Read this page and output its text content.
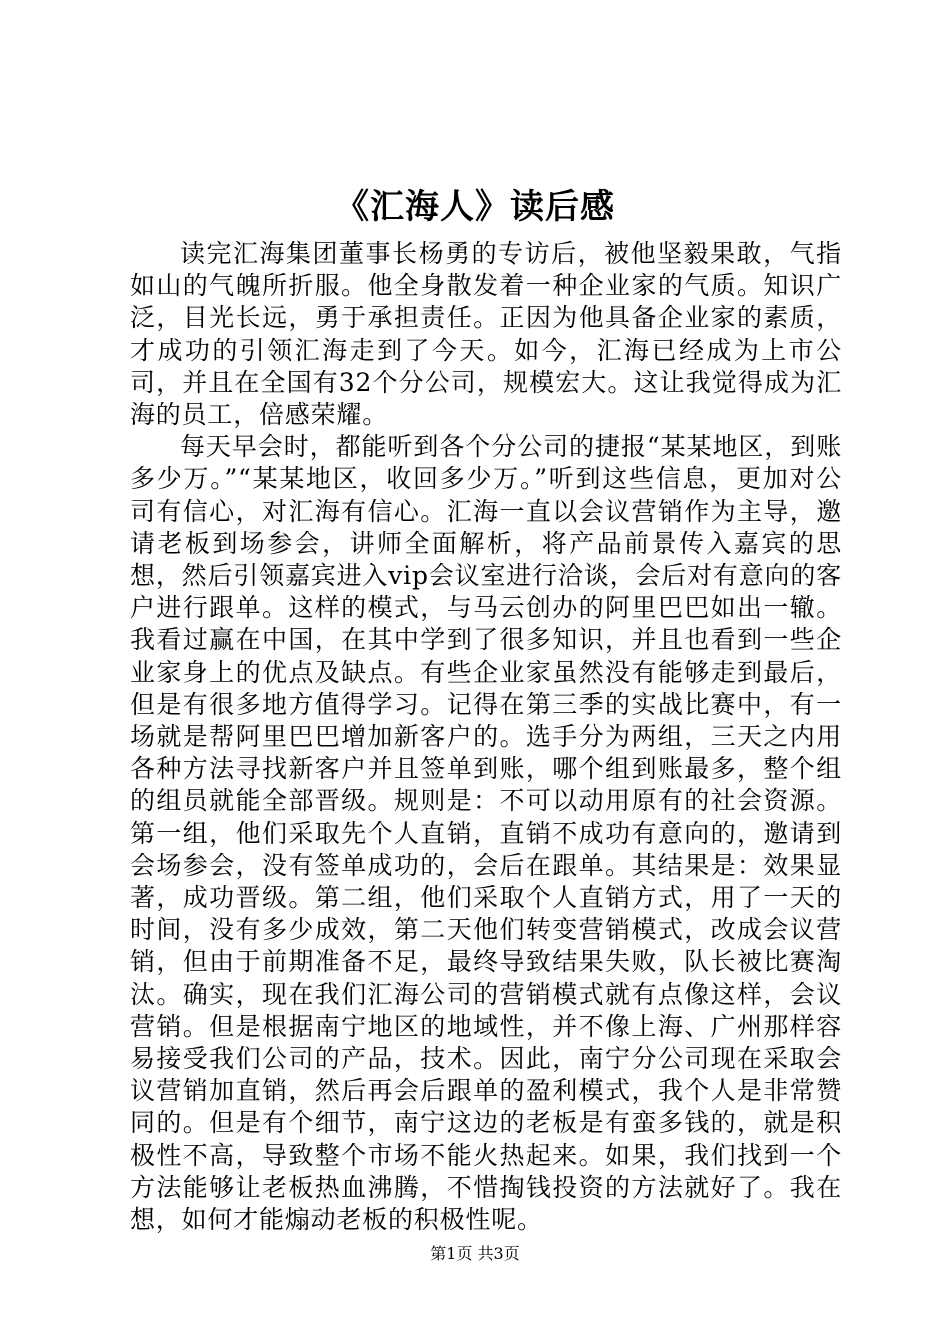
《汇海人》读后感

读完汇海集团董事长杨勇的专访后，被他坚毅果敢，气指如山的气魄所折服。他全身散发着一种企业家的气质。知识广泛，目光长远，勇于承担责任。正因为他具备企业家的素质，才成功的引领汇海走到了今天。如今，汇海已经成为上市公司，并且在全国有32个分公司，规模宏大。这让我觉得成为汇海的员工，倍感荣耀。

每天早会时，都能听到各个分公司的捷报“某某地区，到账多少万。”“某某地区，收回多少万。”听到这些信息，更加对公司有信心，对汇海有信心。汇海一直以会议营销作为主导，邀请老板到场参会，讲师全面解析，将产品前景传入嘉宾的思想，然后引领嘉宾进入vip会议室进行洽谈，会后对有意向的客户进行跟单。这样的模式，与马云创办的阿里巴巴如出一辙。我看过赢在中国，在其中学到了很多知识，并且也看到一些企业家身上的优点及缺点。有些企业家虽然没有能够走到最后，但是有很多地方值得学习。记得在第三季的实战比赛中，有一场就是帮阿里巴巴增加新客户的。选手分为两组，三天之内用各种方法寻找新客户并且签单到账，哪个组到账最多，整个组的组员就能全部晋级。规则是：不可以动用原有的社会资源。第一组，他们采取先个人直销，直销不成功有意向的，邀请到会场参会，没有签单成功的，会后在跟单。其结果是：效果显著，成功晋级。第二组，他们采取个人直销方式，用了一天的时间，没有多少成效，第二天他们转变营销模式，改成会议营销，但由于前期准备不足，最终导致结果失败，队长被比赛淘汰。确实，现在我们汇海公司的营销模式就有点像这样，会议营销。但是根据南宁地区的地域性，并不像上海、广州那样容易接受我们公司的产品，技术。因此，南宁分公司现在采取会议营销加直销，然后再会后跟单的盈利模式，我个人是非常赞同的。但是有个细节，南宁这边的老板是有蛮多钱的，就是积极性不高，导致整个市场不能火热起来。如果，我们找到一个方法能够让老板热血沸腾，不惜掏钱投资的方法就好了。我在想，如何才能煽动老板的积极性呢。

第1页 共3页
